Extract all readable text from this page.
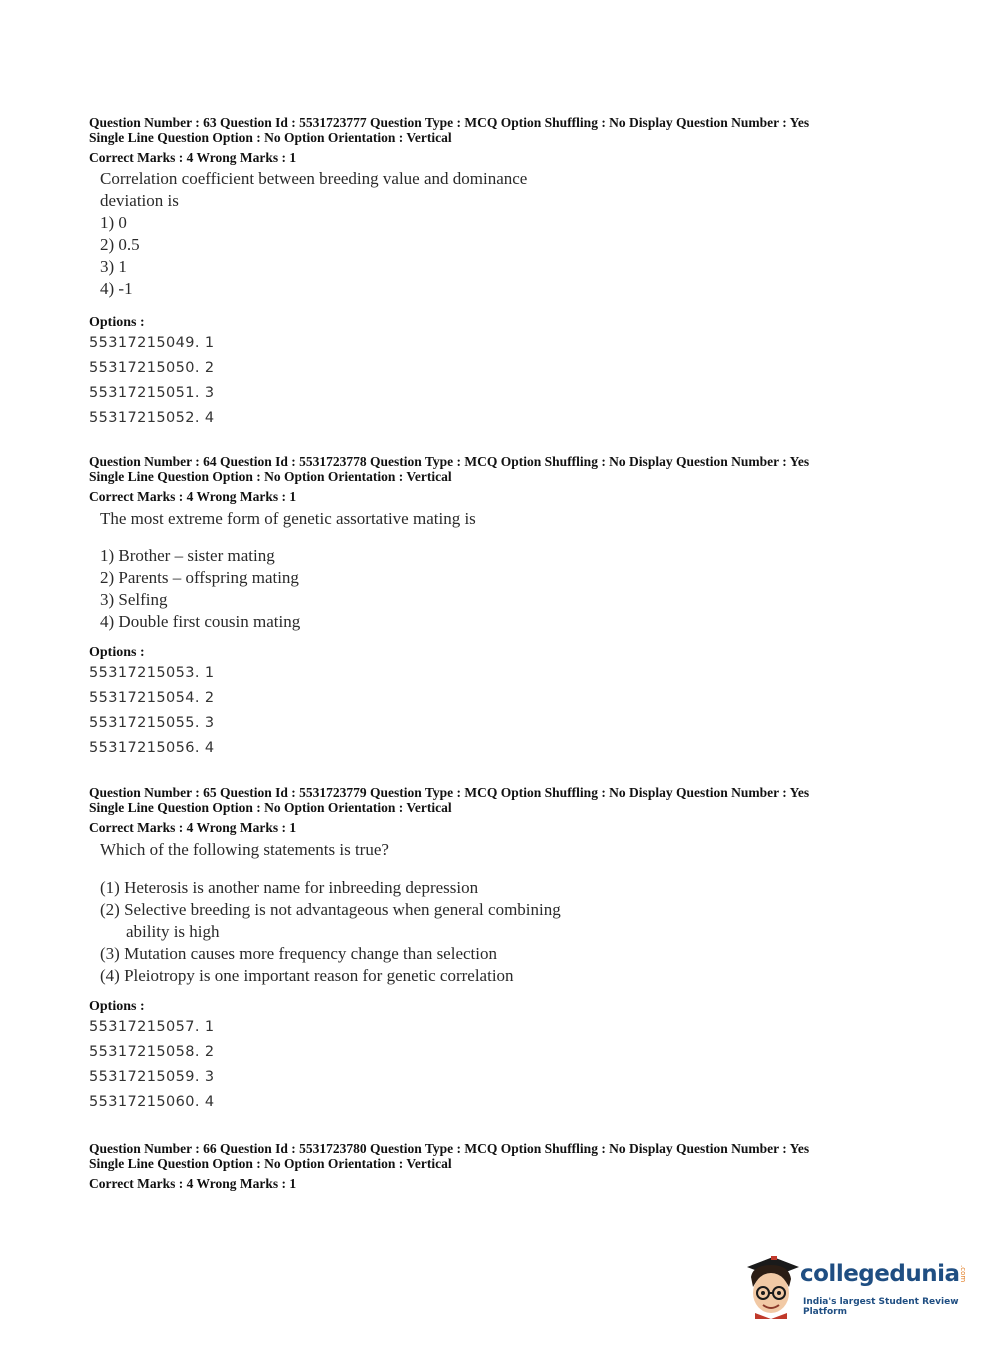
Question Number : 63 Question Id : 5531723777 Question Type : MCQ Option Shuffling : No Display Question Number : Yes

Single Line Question Option : No Option Orientation : Vertical

Correct Marks : 4 Wrong Marks : 1

Correlation coefficient between breeding value and dominance
deviation is
1) 0
2) 0.5
3) 1
4) -1
Options :
55317215049. 1
55317215050. 2
55317215051. 3
55317215052. 4

Question Number : 64 Question Id : 5531723778 Question Type : MCQ Option Shuffling : No Display Question Number : Yes

Single Line Question Option : No Option Orientation : Vertical

Correct Marks : 4 Wrong Marks : 1

The most extreme form of genetic assortative mating is
1) Brother – sister mating
2) Parents – offspring mating
3) Selfing
4) Double first cousin mating
Options :
55317215053. 1
55317215054. 2
55317215055. 3
55317215056. 4

Question Number : 65 Question Id : 5531723779 Question Type : MCQ Option Shuffling : No Display Question Number : Yes

Single Line Question Option : No Option Orientation : Vertical

Correct Marks : 4 Wrong Marks : 1

Which of the following statements is true?
(1) Heterosis is another name for inbreeding depression
(2) Selective breeding is not advantageous when general combining
ability is high
(3) Mutation causes more frequency change than selection
(4) Pleiotropy is one important reason for genetic correlation
Options :
55317215057. 1
55317215058. 2
55317215059. 3
55317215060. 4

Question Number : 66 Question Id : 5531723780 Question Type : MCQ Option Shuffling : No Display Question Number : Yes

Single Line Question Option : No Option Orientation : Vertical

Correct Marks : 4 Wrong Marks : 1

collegedunia .com
India's largest Student Review Platform
